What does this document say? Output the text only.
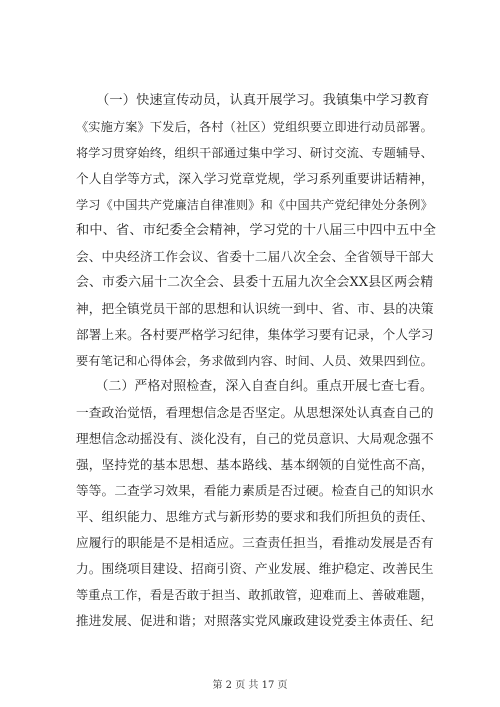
　　（一）快速宣传动员，认真开展学习。我镇集中学习教育
《实施方案》下发后，各村（社区）党组织要立即进行动员部署。
将学习贯穿始终，组织干部通过集中学习、研讨交流、专题辅导、
个人自学等方式，深入学习党章党规，学习系列重要讲话精神，
学习《中国共产党廉洁自律准则》和《中国共产党纪律处分条例》
和中、省、市纪委全会精神，学习党的十八届三中四中五中全
会、中央经济工作会议、省委十二届八次全会、全省领导干部大
会、市委六届十二次全会、县委十五届九次全会XX县区两会精
神，把全镇党员干部的思想和认识统一到中、省、市、县的决策
部署上来。各村要严格学习纪律，集体学习要有记录，个人学习
要有笔记和心得体会，务求做到内容、时间、人员、效果四到位。
　　（二）严格对照检查，深入自查自纠。重点开展七查七看。
一查政治觉悟，看理想信念是否坚定。从思想深处认真查自己的
理想信念动摇没有、淡化没有，自己的党员意识、大局观念强不
强，坚持党的基本思想、基本路线、基本纲领的自觉性高不高，
等等。二查学习效果，看能力素质是否过硬。检查自己的知识水
平、组织能力、思维方式与新形势的要求和我们所担负的责任、
应履行的职能是不是相适应。三查责任担当，看推动发展是否有
力。围绕项目建设、招商引资、产业发展、维护稳定、改善民生
等重点工作，看是否敢于担当、敢抓敢管，迎难而上、善破难题，
推进发展、促进和谐；对照落实党风廉政建设党委主体责任、纪
第 2 页 共 17 页
